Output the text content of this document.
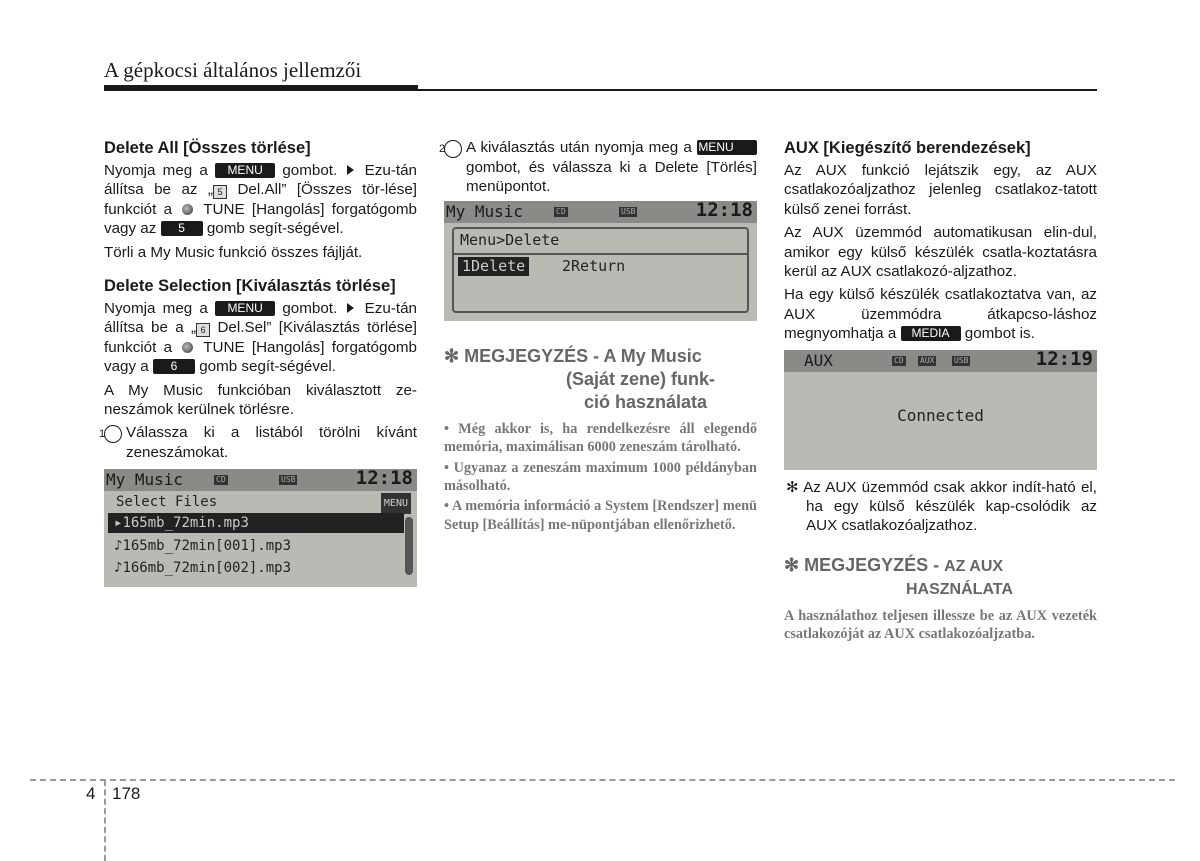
A gépkocsi általános jellemzői
Delete All [Összes törlése]

Nyomja meg a MENU gombot. Ezu-tán állítsa be az „ 5 Del.All” [Összes tör-lése] funkciót a TUNE [Hangolás] forgatógomb vagy az 5 gomb segít-ségével.

Törli a My Music funkció összes fájlját.

Delete Selection [Kiválasztás törlése]

Nyomja meg a MENU gombot. Ezu-tán állítsa be a „ 6 Del.Sel” [Kiválasztás törlése] funkciót a TUNE [Hangolás] forgatógomb vagy a 6 gomb segít-ségével.

A My Music funkcióban kiválasztott ze-neszámok kerülnek törlésre.

1 Válassza ki a listából törölni kívánt zeneszámokat.

My Music	CD	USB	12:18
Select Files	MENU
▸165mb_72min.mp3
♪165mb_72min[001].mp3
♪166mb_72min[002].mp3

2 A kiválasztás után nyomja meg a MENU gombot, és válassza ki a Delete [Törlés] menüpontot.

My Music	CD	USB	12:18
Menu>Delete
1Delete 2Return
✻ MEGJEGYZÉS - A My Music
(Saját zene) funk-
ció használata

• Még akkor is, ha rendelkezésre áll elegendő memória, maximálisan 6000 zeneszám tárolható.

• Ugyanaz a zeneszám maximum 1000 példányban másolható.

• A memória információ a System [Rendszer] menü Setup [Beállítás] me-nüpontjában ellenőrizhető.

AUX [Kiegészítő berendezések]

Az AUX funkció lejátszik egy, az AUX csatlakozóaljzathoz jelenleg csatlakoz-tatott külső zenei forrást.

Az AUX üzemmód automatikusan elin-dul, amikor egy külső készülék csatla-koztatásra kerül az AUX csatlakozó-aljzathoz.

Ha egy külső készülék csatlakoztatva van, az AUX üzemmódra átkapcso-láshoz megnyomhatja a MEDIA gombot is.

AUX	CD AUX USB	12:19
Connected

✻ Az AUX üzemmód csak akkor indít-ható el, ha egy külső készülék kap-csolódik az AUX csatlakozóaljzathoz.

✻ MEGJEGYZÉS - AZ AUX
HASZNÁLATA

A használathoz teljesen illessze be az AUX vezeték csatlakozóját az AUX csatlakozóaljzatba.

4 178
